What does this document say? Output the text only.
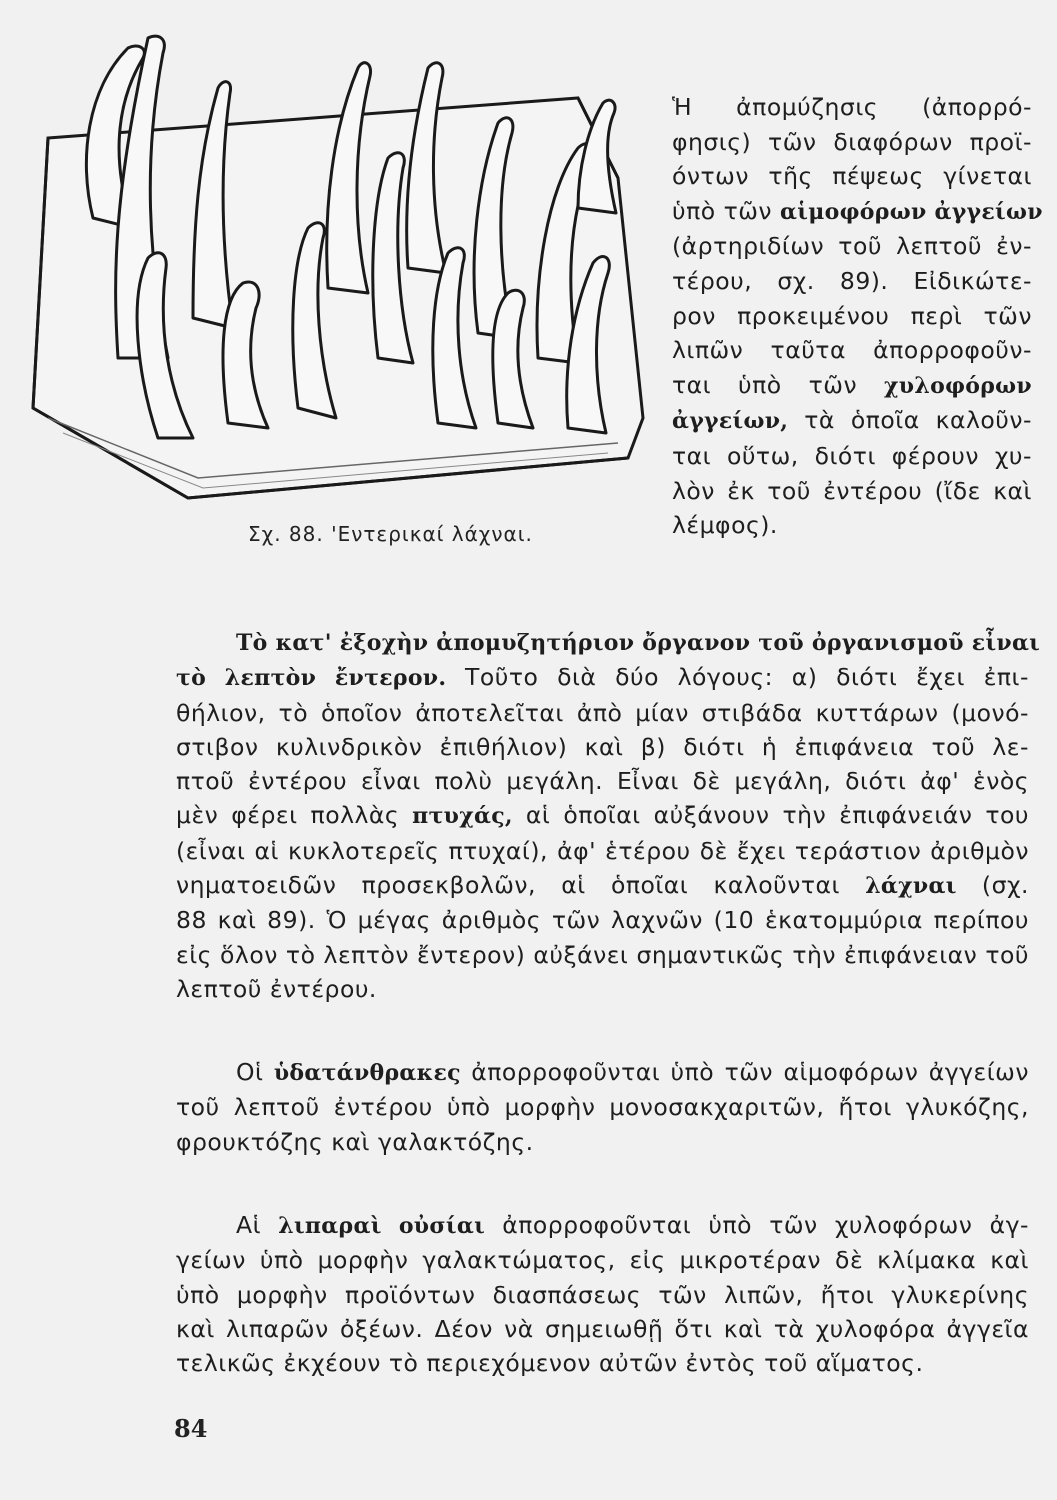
Σχ. 88. 'Εντερικαί λάχναι.
Ἡ ἀπομύζησις (ἀπορρό-
φησις) τῶν διαφόρων προϊ-
όντων τῆς πέψεως γίνεται
ὑπὸ τῶν αἱμοφόρων ἀγγείων
(ἀρτηριδίων τοῦ λεπτοῦ ἐν-
τέρου, σχ. 89). Εἰδικώτε-
ρον προκειμένου περὶ τῶν
λιπῶν ταῦτα ἀπορροφοῦν-
ται ὑπὸ τῶν χυλοφόρων
ἀγγείων, τὰ ὁποῖα καλοῦν-
ται οὕτω, διότι φέρουν χυ-
λὸν ἐκ τοῦ ἐντέρου (ἴδε καὶ
λέμφος).
Τὸ κατ' ἐξοχὴν ἀπομυζητήριον ὄργανον τοῦ ὀργανισμοῦ εἶναι
τὸ λεπτὸν ἔντερον. Τοῦτο διὰ δύο λόγους: α) διότι ἔχει ἐπι-
θήλιον, τὸ ὁποῖον ἀποτελεῖται ἀπὸ μίαν στιβάδα κυττάρων (μονό-
στιβον κυλινδρικὸν ἐπιθήλιον) καὶ β) διότι ἡ ἐπιφάνεια τοῦ λε-
πτοῦ ἐντέρου εἶναι πολὺ μεγάλη. Εἶναι δὲ μεγάλη, διότι ἀφ' ἑνὸς
μὲν φέρει πολλὰς πτυχάς, αἱ ὁποῖαι αὐξάνουν τὴν ἐπιφάνειάν του
(εἶναι αἱ κυκλοτερεῖς πτυχαί), ἀφ' ἑτέρου δὲ ἔχει τεράστιον ἀριθμὸν
νηματοειδῶν προσεκβολῶν, αἱ ὁποῖαι καλοῦνται λάχναι (σχ.
88 καὶ 89). Ὁ μέγας ἀριθμὸς τῶν λαχνῶν (10 ἑκατομμύρια περίπου
εἰς ὅλον τὸ λεπτὸν ἔντερον) αὐξάνει σημαντικῶς τὴν ἐπιφάνειαν τοῦ
λεπτοῦ ἐντέρου.
Οἱ ὑδατάνθρακες ἀπορροφοῦνται ὑπὸ τῶν αἱμοφόρων ἀγγείων
τοῦ λεπτοῦ ἐντέρου ὑπὸ μορφὴν μονοσακχαριτῶν, ἤτοι γλυκόζης,
φρουκτόζης καὶ γαλακτόζης.
Αἱ λιπαραὶ οὐσίαι ἀπορροφοῦνται ὑπὸ τῶν χυλοφόρων ἀγ-
γείων ὑπὸ μορφὴν γαλακτώματος, εἰς μικροτέραν δὲ κλίμακα καὶ
ὑπὸ μορφὴν προϊόντων διασπάσεως τῶν λιπῶν, ἤτοι γλυκερίνης
καὶ λιπαρῶν ὀξέων. Δέον νὰ σημειωθῇ ὅτι καὶ τὰ χυλοφόρα ἀγγεῖα
τελικῶς ἐκχέουν τὸ περιεχόμενον αὐτῶν ἐντὸς τοῦ αἵματος.
84
